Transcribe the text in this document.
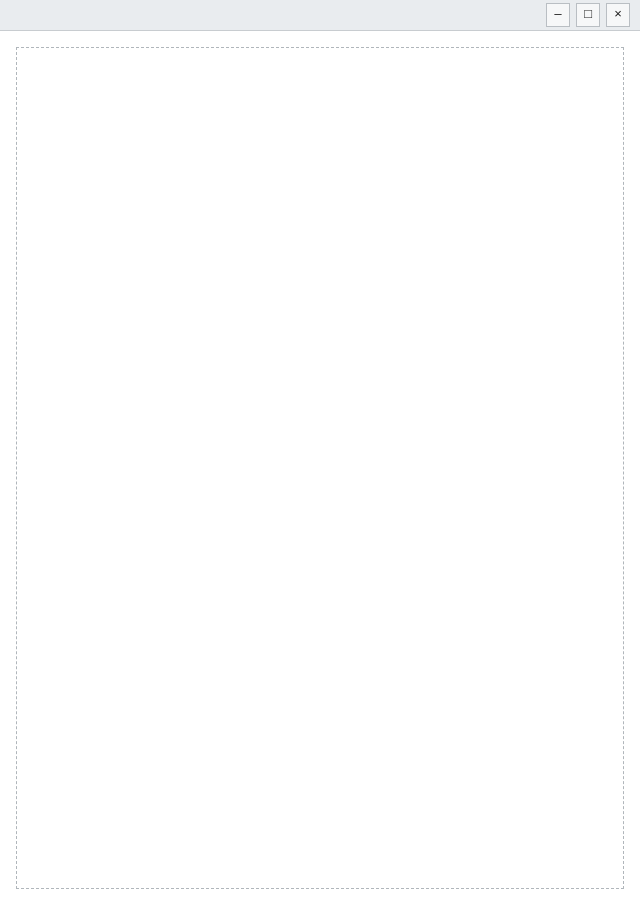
–	□	×
